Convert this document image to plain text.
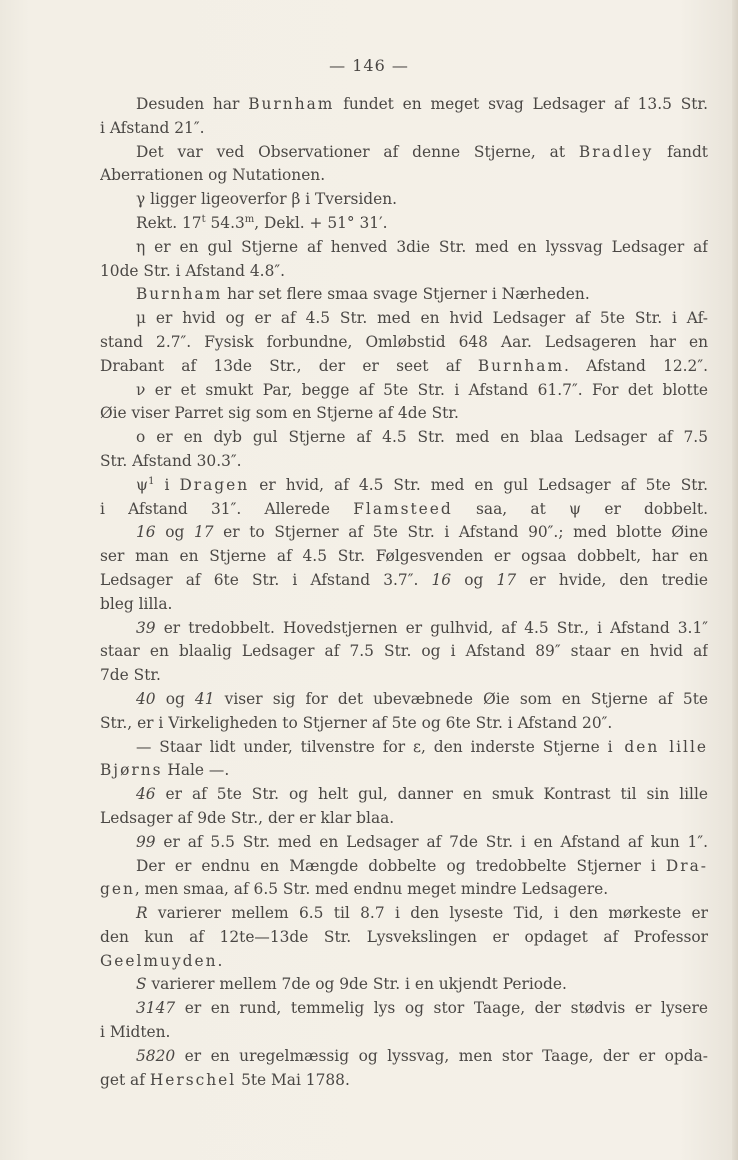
— 146 —
Desuden har Burnham fundet en meget svag Ledsager af 13.5 Str.
i Afstand 21″.
Det var ved Observationer af denne Stjerne, at Bradley fandt
Aberrationen og Nutationen.
γ ligger ligeoverfor β i Tversiden.
Rekt. 17$^t$ 54.3$^m$, Dekl. + 51° 31′.
η er en gul Stjerne af henved 3die Str. med en lyssvag Ledsager af
10de Str. i Afstand 4.8″.
Burnham har set flere smaa svage Stjerner i Nærheden.
μ er hvid og er af 4.5 Str. med en hvid Ledsager af 5te Str. i Af-
stand 2.7″. Fysisk forbundne, Omløbstid 648 Aar. Ledsageren har en
Drabant af 13de Str., der er seet af Burnham. Afstand 12.2″.
ν er et smukt Par, begge af 5te Str. i Afstand 61.7″. For det blotte
Øie viser Parret sig som en Stjerne af 4de Str.
ο er en dyb gul Stjerne af 4.5 Str. med en blaa Ledsager af 7.5
Str. Afstand 30.3″.
$\psi^1$ i Dragen er hvid, af 4.5 Str. med en gul Ledsager af 5te Str.
i Afstand 31″. Allerede Flamsteed saa, at ψ er dobbelt.
16 og 17 er to Stjerner af 5te Str. i Afstand 90″.; med blotte Øine
ser man en Stjerne af 4.5 Str. Følgesvenden er ogsaa dobbelt, har en
Ledsager af 6te Str. i Afstand 3.7″. 16 og 17 er hvide, den tredie
bleg lilla.
39 er tredobbelt. Hovedstjernen er gulhvid, af 4.5 Str., i Afstand 3.1″
staar en blaalig Ledsager af 7.5 Str. og i Afstand 89″ staar en hvid af
7de Str.
40 og 41 viser sig for det ubevæbnede Øie som en Stjerne af 5te
Str., er i Virkeligheden to Stjerner af 5te og 6te Str. i Afstand 20″.
— Staar lidt under, tilvenstre for ε, den inderste Stjerne i den lille
Bjørns Hale —.
46 er af 5te Str. og helt gul, danner en smuk Kontrast til sin lille
Ledsager af 9de Str., der er klar blaa.
99 er af 5.5 Str. med en Ledsager af 7de Str. i en Afstand af kun 1″.
Der er endnu en Mængde dobbelte og tredobbelte Stjerner i Dra-
gen, men smaa, af 6.5 Str. med endnu meget mindre Ledsagere.
R varierer mellem 6.5 til 8.7 i den lyseste Tid, i den mørkeste er
den kun af 12te—13de Str. Lysvekslingen er opdaget af Professor
Geelmuyden.
S varierer mellem 7de og 9de Str. i en ukjendt Periode.
3147 er en rund, temmelig lys og stor Taage, der stødvis er lysere
i Midten.
5820 er en uregelmæssig og lyssvag, men stor Taage, der er opda-
get af Herschel 5te Mai 1788.
